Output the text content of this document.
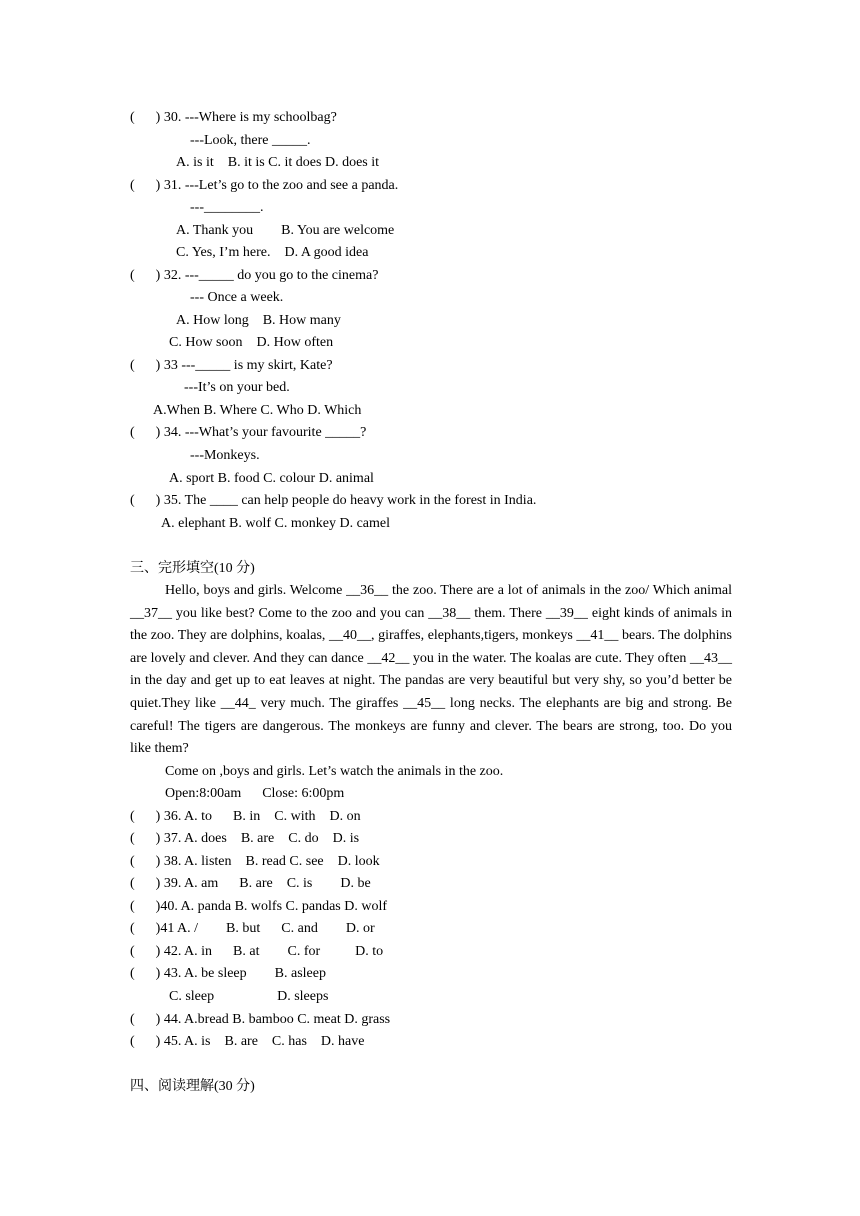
(      ) 30. ---Where is my schoolbag?
---Look, there _____.
A. is it    B. it is C. it does D. does it
(      ) 31. ---Let’s go to the zoo and see a panda.
---________.
A. Thank you        B. You are welcome
C. Yes, I’m here.    D. A good idea
(      ) 32. ---_____ do you go to the cinema?
--- Once a week.
A. How long    B. How many
C. How soon    D. How often
(      ) 33 ---_____ is my skirt, Kate?
---It’s on your bed.
A.When B. Where C. Who D. Which
(      ) 34. ---What’s your favourite _____?
---Monkeys.
A. sport B. food C. colour D. animal
(      ) 35. The ____ can help people do heavy work in the forest in India.
A. elephant B. wolf C. monkey D. camel
三、完形填空(10 分)

Hello, boys and girls. Welcome __36__ the zoo. There are a lot of animals in the zoo/ Which animal __37__ you like best? Come to the zoo and you can __38__ them. There __39__ eight kinds of animals in the zoo. They are dolphins, koalas, __40__, giraffes, elephants,tigers, monkeys __41__ bears. The dolphins are lovely and clever. And they can dance __42__ you in the water. The koalas are cute. They often __43__ in the day and get up to eat leaves at night. The pandas are very beautiful but very shy, so you’d better be quiet.They like __44_ very much. The giraffes __45__ long necks. The elephants are big and strong. Be careful! The tigers are dangerous. The monkeys are funny and clever. The bears are strong, too. Do you like them?

Come on ,boys and girls. Let’s watch the animals in the zoo.
Open:8:00am      Close: 6:00pm
(      ) 36. A. to      B. in    C. with    D. on
(      ) 37. A. does    B. are    C. do    D. is
(      ) 38. A. listen    B. read C. see    D. look
(      ) 39. A. am      B. are    C. is        D. be
(      )40. A. panda B. wolfs C. pandas D. wolf
(      )41 A. /        B. but      C. and        D. or
(      ) 42. A. in      B. at        C. for          D. to
(      ) 43. A. be sleep        B. asleep
C. sleep                  D. sleeps
(      ) 44. A.bread B. bamboo C. meat D. grass
(      ) 45. A. is    B. are    C. has    D. have
四、阅读理解(30 分)
